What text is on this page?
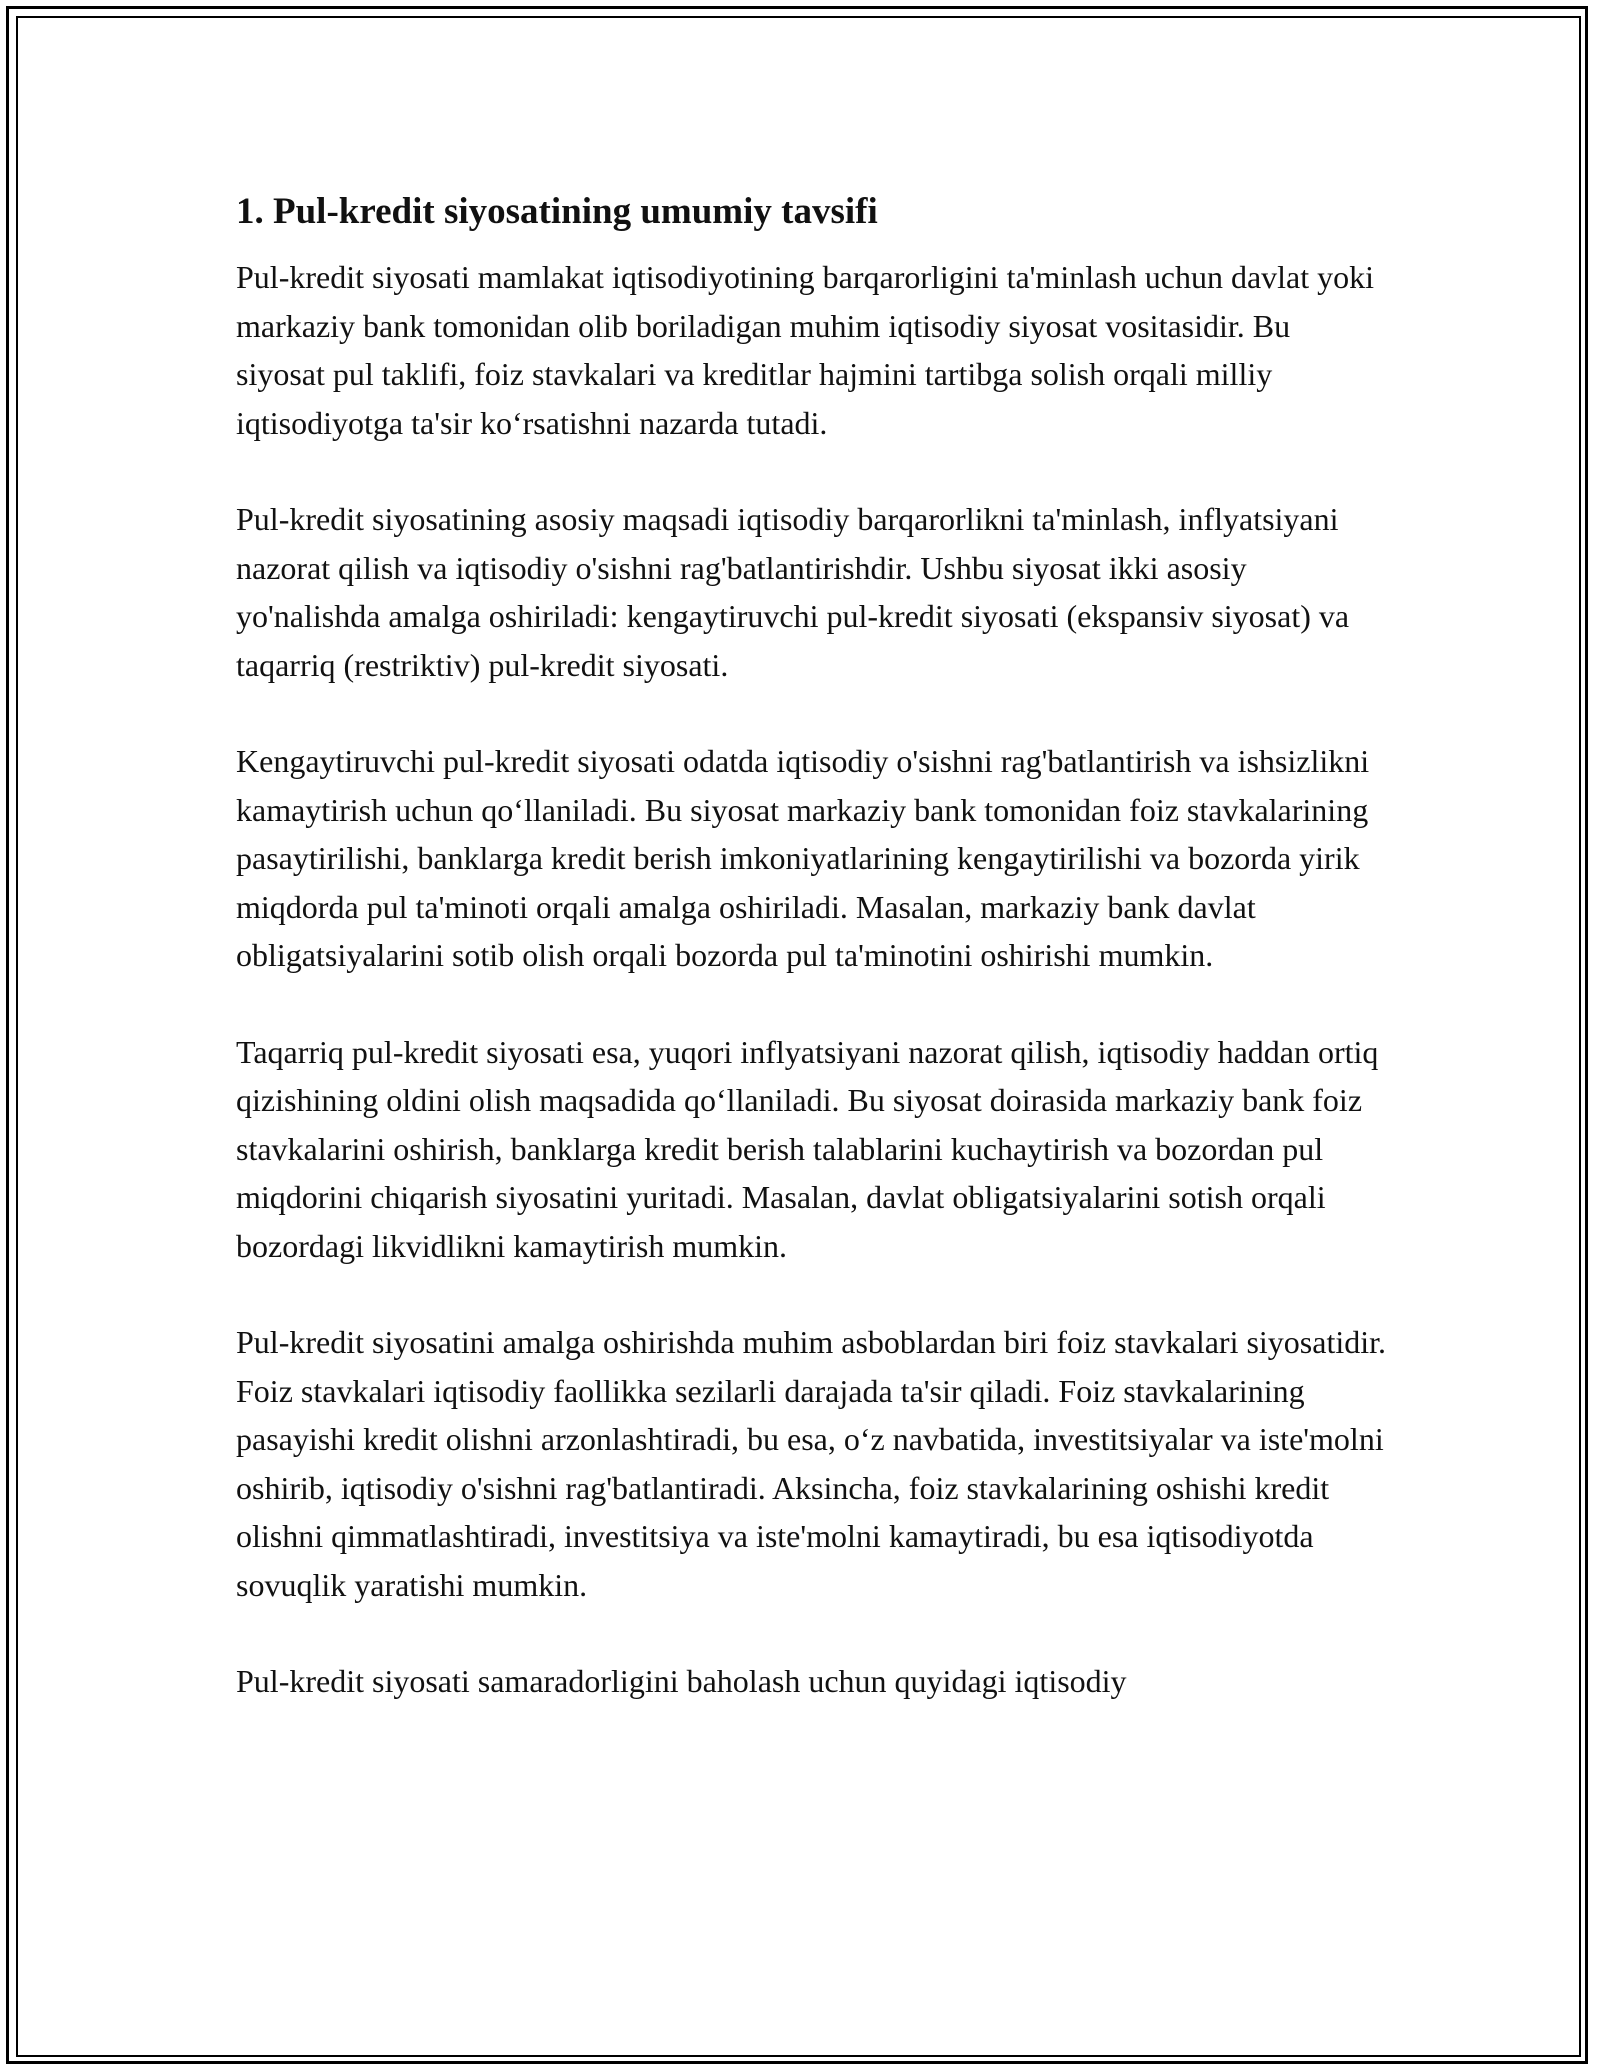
1. Pul-kredit siyosatining umumiy tavsifi

Pul-kredit siyosati mamlakat iqtisodiyotining barqarorligini ta'minlash uchun davlat yoki markaziy bank tomonidan olib boriladigan muhim iqtisodiy siyosat vositasidir. Bu siyosat pul taklifi, foiz stavkalari va kreditlar hajmini tartibga solish orqali milliy iqtisodiyotga ta'sir koʻrsatishni nazarda tutadi.

Pul-kredit siyosatining asosiy maqsadi iqtisodiy barqarorlikni ta'minlash, inflyatsiyani nazorat qilish va iqtisodiy o'sishni rag'batlantirishdir. Ushbu siyosat ikki asosiy yo'nalishda amalga oshiriladi: kengaytiruvchi pul-kredit siyosati (ekspansiv siyosat) va taqarriq (restriktiv) pul-kredit siyosati.

Kengaytiruvchi pul-kredit siyosati odatda iqtisodiy o'sishni rag'batlantirish va ishsizlikni kamaytirish uchun qoʻllaniladi. Bu siyosat markaziy bank tomonidan foiz stavkalarining pasaytirilishi, banklarga kredit berish imkoniyatlarining kengaytirilishi va bozorda yirik miqdorda pul ta'minoti orqali amalga oshiriladi. Masalan, markaziy bank davlat obligatsiyalarini sotib olish orqali bozorda pul ta'minotini oshirishi mumkin.

Taqarriq pul-kredit siyosati esa, yuqori inflyatsiyani nazorat qilish, iqtisodiy haddan ortiq qizishining oldini olish maqsadida qoʻllaniladi. Bu siyosat doirasida markaziy bank foiz stavkalarini oshirish, banklarga kredit berish talablarini kuchaytirish va bozordan pul miqdorini chiqarish siyosatini yuritadi. Masalan, davlat obligatsiyalarini sotish orqali bozordagi likvidlikni kamaytirish mumkin.

Pul-kredit siyosatini amalga oshirishda muhim asboblardan biri foiz stavkalari siyosatidir. Foiz stavkalari iqtisodiy faollikka sezilarli darajada ta'sir qiladi. Foiz stavkalarining pasayishi kredit olishni arzonlashtiradi, bu esa, oʻz navbatida, investitsiyalar va iste'molni oshirib, iqtisodiy o'sishni rag'batlantiradi. Aksincha, foiz stavkalarining oshishi kredit olishni qimmatlashtiradi, investitsiya va iste'molni kamaytiradi, bu esa iqtisodiyotda sovuqlik yaratishi mumkin.

Pul-kredit siyosati samaradorligini baholash uchun quyidagi iqtisodiy
